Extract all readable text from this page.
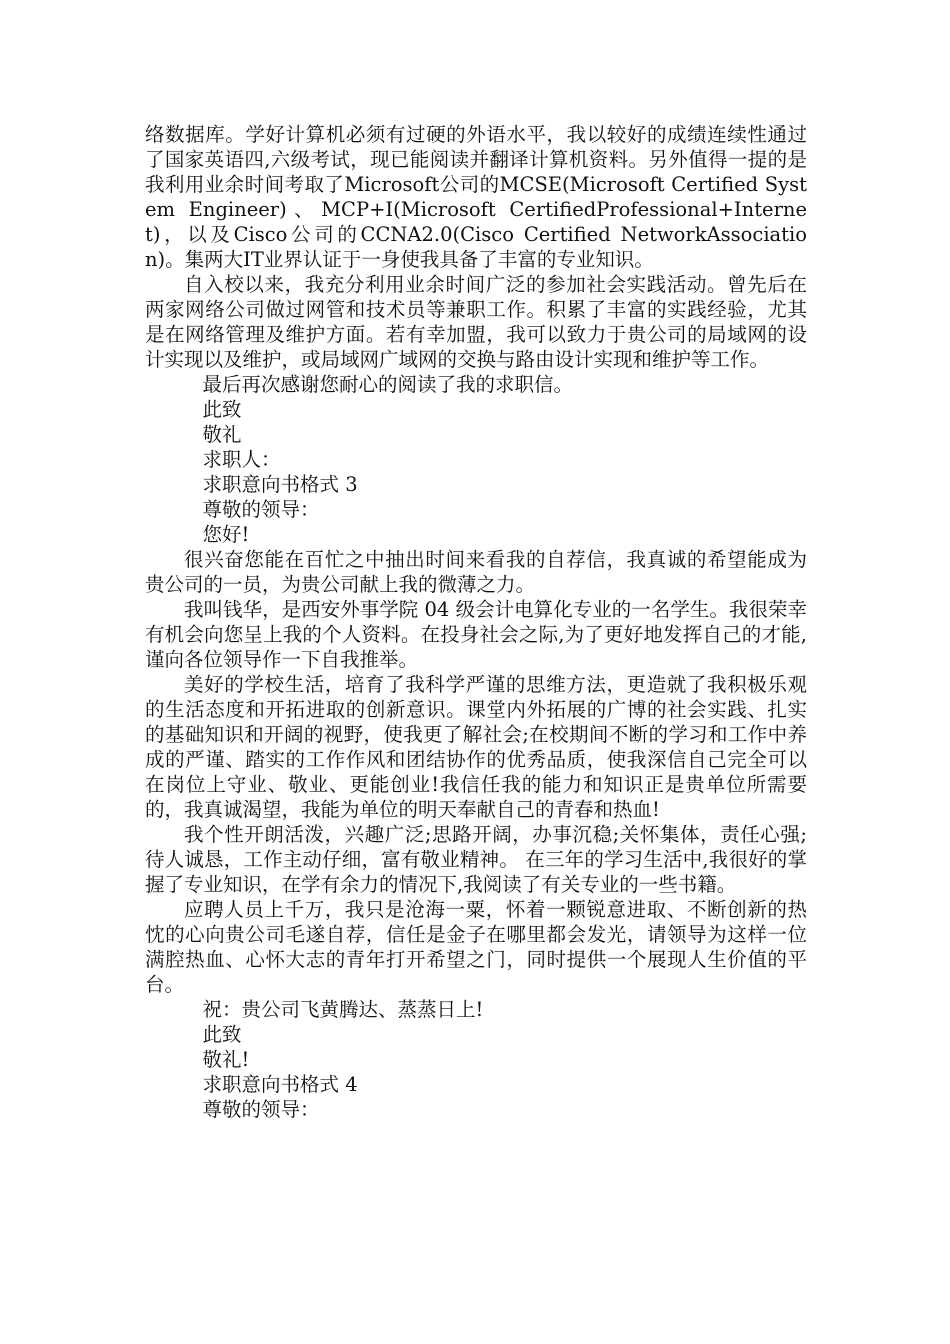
络数据库。学好计算机必须有过硬的外语水平，我以较好的成绩连续性通过了国家英语四,六级考试，现已能阅读并翻译计算机资料。另外值得一提的是我利用业余时间考取了Microsoft公司的MCSE(Microsoft Certified System Engineer)、MCP+I(Microsoft CertifiedProfessional+Internet)，以及Cisco公司的CCNA2.0(Cisco Certified NetworkAssociation)。集两大IT业界认证于一身使我具备了丰富的专业知识。

自入校以来，我充分利用业余时间广泛的参加社会实践活动。曾先后在两家网络公司做过网管和技术员等兼职工作。积累了丰富的实践经验，尤其是在网络管理及维护方面。若有幸加盟，我可以致力于贵公司的局域网的设计实现以及维护，或局域网广域网的交换与路由设计实现和维护等工作。

最后再次感谢您耐心的阅读了我的求职信。

此致

敬礼

求职人：

求职意向书格式 3

尊敬的领导：

您好!

很兴奋您能在百忙之中抽出时间来看我的自荐信，我真诚的希望能成为贵公司的一员，为贵公司献上我的微薄之力。

我叫钱华，是西安外事学院 04 级会计电算化专业的一名学生。我很荣幸有机会向您呈上我的个人资料。在投身社会之际,为了更好地发挥自己的才能,谨向各位领导作一下自我推举。

美好的学校生活，培育了我科学严谨的思维方法，更造就了我积极乐观的生活态度和开拓进取的创新意识。课堂内外拓展的广博的社会实践、扎实的基础知识和开阔的视野，使我更了解社会;在校期间不断的学习和工作中养成的严谨、踏实的工作作风和团结协作的优秀品质，使我深信自己完全可以在岗位上守业、敬业、更能创业!我信任我的能力和知识正是贵单位所需要的，我真诚渴望，我能为单位的明天奉献自己的青春和热血!

我个性开朗活泼，兴趣广泛;思路开阔，办事沉稳;关怀集体，责任心强;待人诚恳，工作主动仔细，富有敬业精神。 在三年的学习生活中,我很好的掌握了专业知识，在学有余力的情况下,我阅读了有关专业的一些书籍。

应聘人员上千万，我只是沧海一粟，怀着一颗锐意进取、不断创新的热忱的心向贵公司毛遂自荐，信任是金子在哪里都会发光，请领导为这样一位满腔热血、心怀大志的青年打开希望之门，同时提供一个展现人生价值的平台。

祝：贵公司飞黄腾达、蒸蒸日上!

此致

敬礼!

求职意向书格式 4

尊敬的领导：
